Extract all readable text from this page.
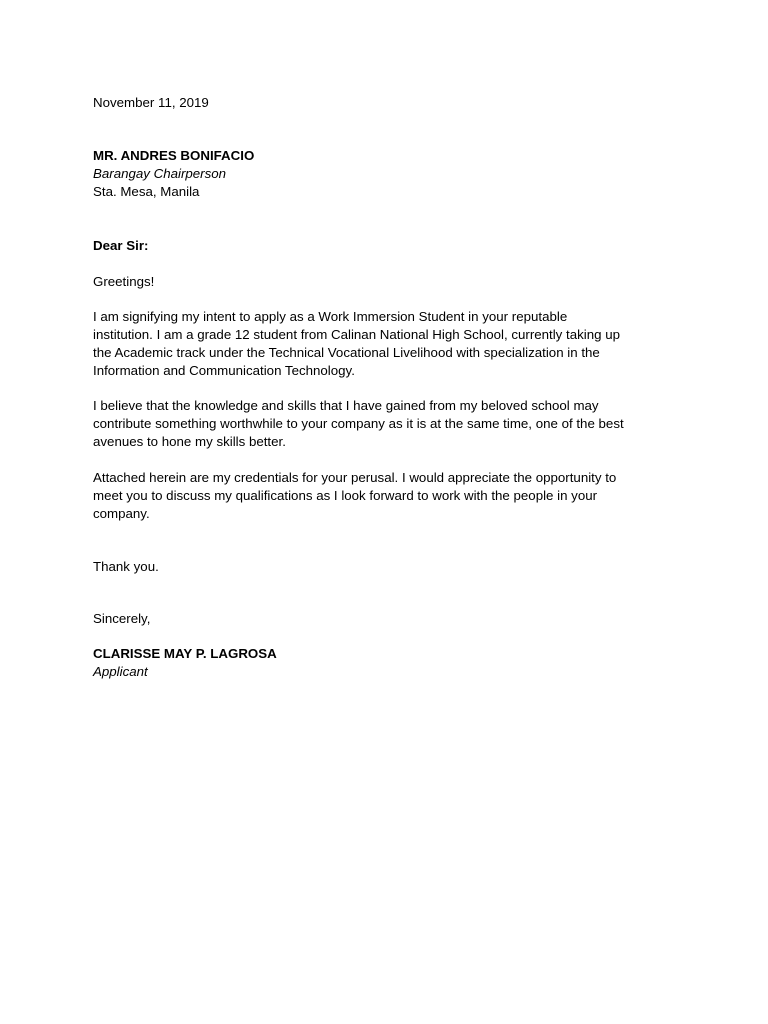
November 11, 2019
MR. ANDRES BONIFACIO
Barangay Chairperson
Sta. Mesa, Manila
Dear Sir:
Greetings!

I am signifying my intent to apply as a Work Immersion Student in your reputable
institution. I am a grade 12 student from Calinan National High School, currently taking up
the Academic track under the Technical Vocational Livelihood with specialization in the
Information and Communication Technology.

I believe that the knowledge and skills that I have gained from my beloved school may
contribute something worthwhile to your company as it is at the same time, one of the best
avenues to hone my skills better.

Attached herein are my credentials for your perusal. I would appreciate the opportunity to
meet you to discuss my qualifications as I look forward to work with the people in your
company.

Thank you.
Sincerely,
CLARISSE MAY P. LAGROSA
Applicant
